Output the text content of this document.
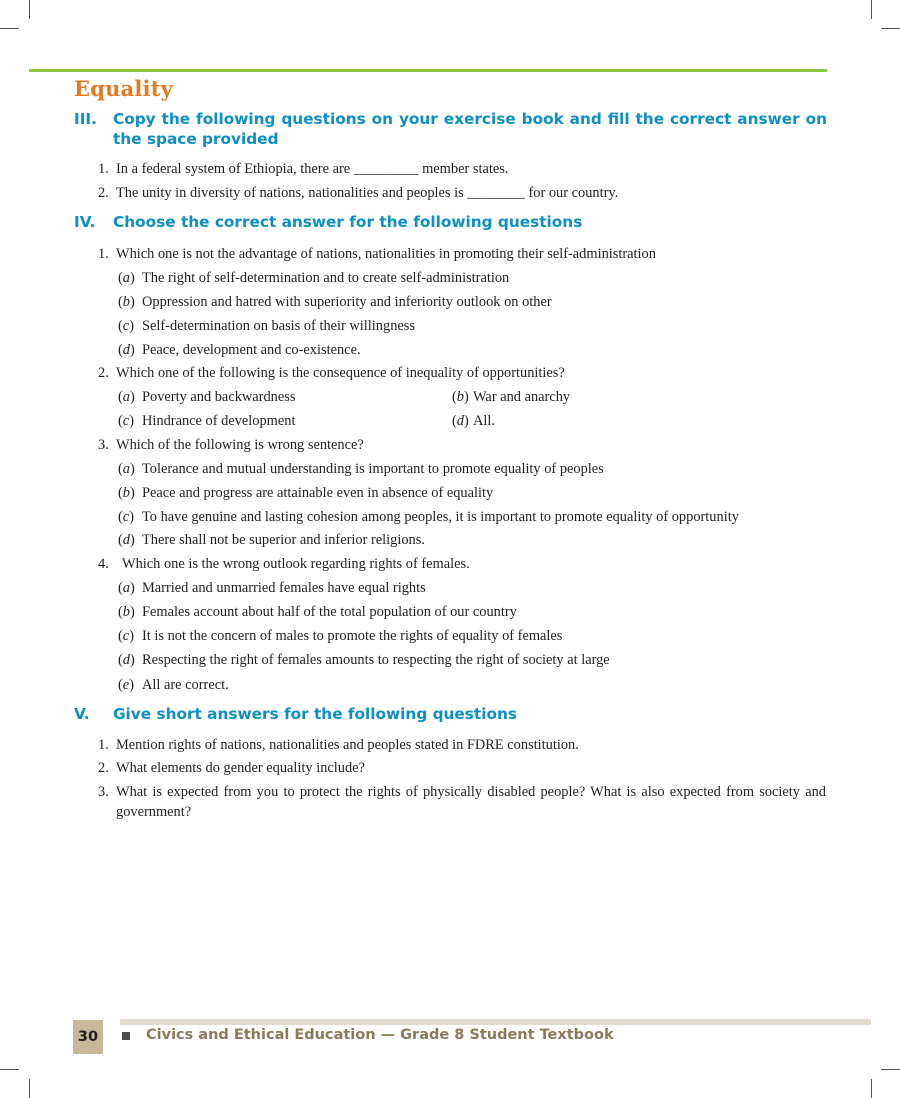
Equality
III.	Copy the following questions on your exercise book and fill the correct answer on the space provided
1. In a federal system of Ethiopia, there are _________ member states.
2. The unity in diversity of nations, nationalities and peoples is ________ for our country.
IV.	Choose the correct answer for the following questions
1. Which one is not the advantage of nations, nationalities in promoting their self-administration
(a) The right of self-determination and to create self-administration
(b) Oppression and hatred with superiority and inferiority outlook on other
(c) Self-determination on basis of their willingness
(d) Peace, development and co-existence.
2. Which one of the following is the consequence of inequality of opportunities?
(a) Poverty and backwardness	(b) War and anarchy
(c) Hindrance of development	(d) All.
3. Which of the following is wrong sentence?
(a) Tolerance and mutual understanding is important to promote equality of peoples
(b) Peace and progress are attainable even in absence of equality
(c) To have genuine and lasting cohesion among peoples, it is important to promote equality of opportunity
(d) There shall not be superior and inferior religions.
4. Which one is the wrong outlook regarding rights of females.
(a) Married and unmarried females have equal rights
(b) Females account about half of the total population of our country
(c) It is not the concern of males to promote the rights of equality of females
(d) Respecting the right of females amounts to respecting the right of society at large
(e) All are correct.
V.	Give short answers for the following questions
1. Mention rights of nations, nationalities and peoples stated in FDRE constitution.
2. What elements do gender equality include?
3. What is expected from you to protect the rights of physically disabled people? What is also expected from society and government?
30	Civics and Ethical Education — Grade 8 Student Textbook
